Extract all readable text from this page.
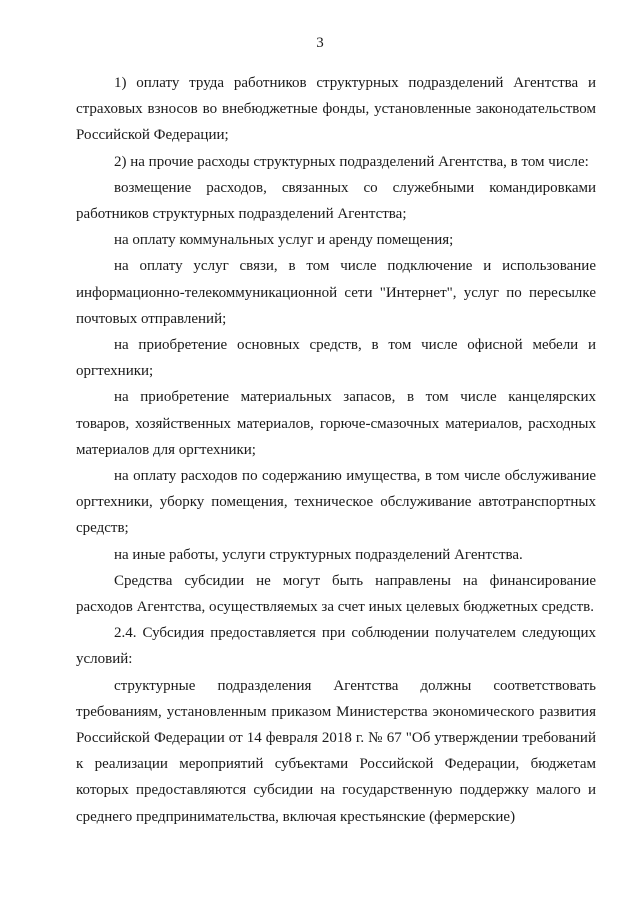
3

1) оплату труда работников структурных подразделений Агентства и страховых взносов во внебюджетные фонды, установленные законодательством Российской Федерации;

2) на прочие расходы структурных подразделений Агентства, в том числе:

возмещение расходов, связанных со служебными командировками работников структурных подразделений Агентства;

на оплату коммунальных услуг и аренду помещения;

на оплату услуг связи, в том числе подключение и использование информационно-телекоммуникационной сети "Интернет", услуг по пересылке почтовых отправлений;

на приобретение основных средств, в том числе офисной мебели и оргтехники;

на приобретение материальных запасов, в том числе канцелярских товаров, хозяйственных материалов, горюче-смазочных материалов, расходных материалов для оргтехники;

на оплату расходов по содержанию имущества, в том числе обслуживание оргтехники, уборку помещения, техническое обслуживание автотранспортных средств;

на иные работы, услуги структурных подразделений Агентства.

Средства субсидии не могут быть направлены на финансирование расходов Агентства, осуществляемых за счет иных целевых бюджетных средств.

2.4. Субсидия предоставляется при соблюдении получателем следующих условий:

структурные подразделения Агентства должны соответствовать требованиям, установленным приказом Министерства экономического развития Российской Федерации от 14 февраля 2018 г. № 67 "Об утверждении требований к реализации мероприятий субъектами Российской Федерации, бюджетам которых предоставляются субсидии на государственную поддержку малого и среднего предпринимательства, включая крестьянские (фермерские)
